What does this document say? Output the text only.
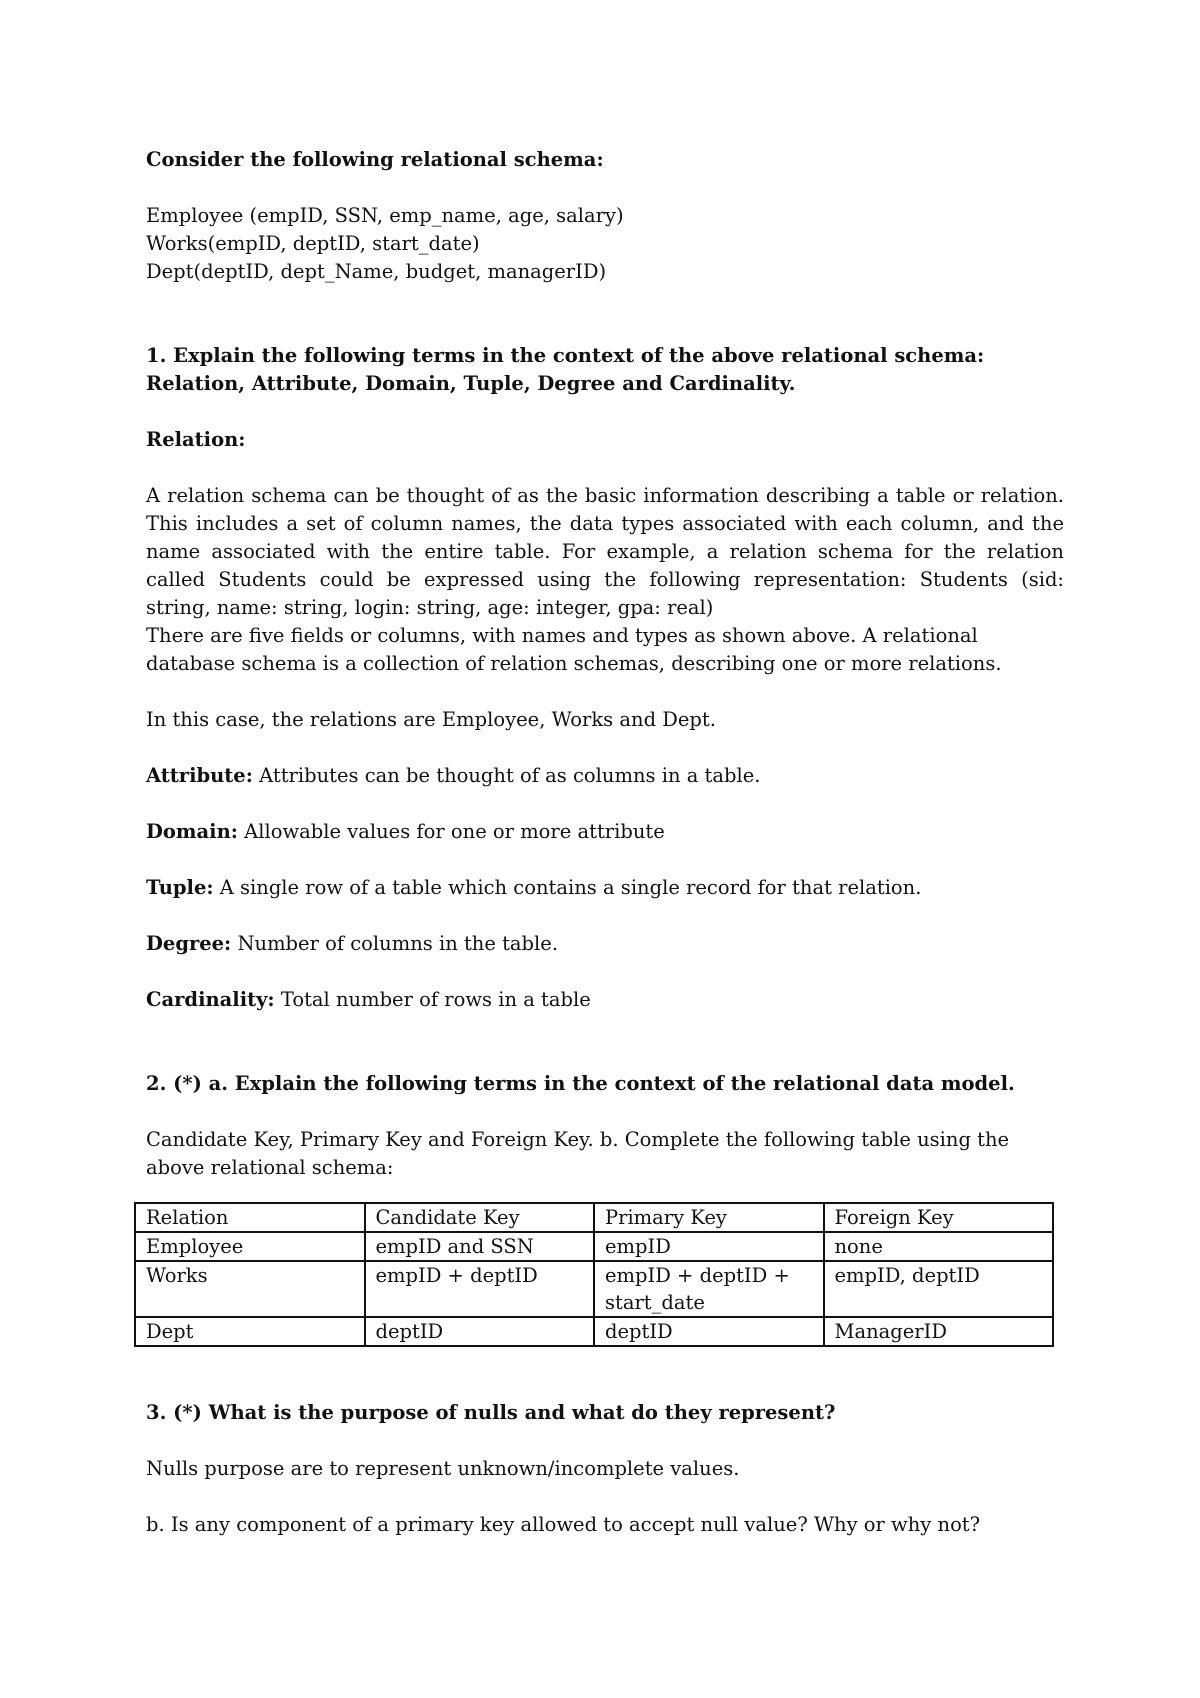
Consider the following relational schema:

Employee (empID, SSN, emp_name, age, salary)

Works(empID, deptID, start_date)

Dept(deptID, dept_Name, budget, managerID)

1. Explain the following terms in the context of the above relational schema: Relation, Attribute, Domain, Tuple, Degree and Cardinality.

Relation:

A relation schema can be thought of as the basic information describing a table or relation. This includes a set of column names, the data types associated with each column, and the name associated with the entire table. For example, a relation schema for the relation called Students could be expressed using the following representation: Students (sid: string, name: string, login: string, age: integer, gpa: real)

There are five fields or columns, with names and types as shown above. A relational database schema is a collection of relation schemas, describing one or more relations.

In this case, the relations are Employee, Works and Dept.

Attribute: Attributes can be thought of as columns in a table.

Domain: Allowable values for one or more attribute

Tuple: A single row of a table which contains a single record for that relation.

Degree: Number of columns in the table.

Cardinality: Total number of rows in a table

2. (*) a. Explain the following terms in the context of the relational data model.

Candidate Key, Primary Key and Foreign Key. b. Complete the following table using the above relational schema:

Relation	Candidate Key	Primary Key	Foreign Key
Employee	empID and SSN	empID	none
Works	empID + deptID	empID + deptID + start_date	empID, deptID
Dept	deptID	deptID	ManagerID

3. (*) What is the purpose of nulls and what do they represent?

Nulls purpose are to represent unknown/incomplete values.

b. Is any component of a primary key allowed to accept null value? Why or why not?
